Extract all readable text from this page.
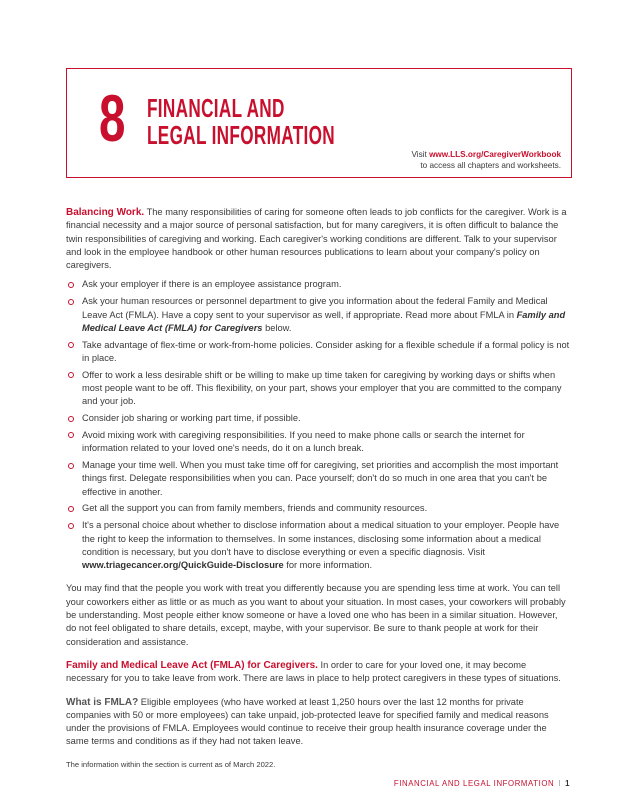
8 FINANCIAL AND
LEGAL INFORMATION
Visit www.LLS.org/CaregiverWorkbook
to access all chapters and worksheets.

Balancing Work. The many responsibilities of caring for someone often leads to job conflicts for the caregiver. Work is a financial necessity and a major source of personal satisfaction, but for many caregivers, it is often difficult to balance the twin responsibilities of caregiving and working. Each caregiver's working conditions are different. Talk to your supervisor and look in the employee handbook or other human resources publications to learn about your company's policy on caregivers.

Ask your employer if there is an employee assistance program.
Ask your human resources or personnel department to give you information about the federal Family and Medical Leave Act (FMLA). Have a copy sent to your supervisor as well, if appropriate. Read more about FMLA in Family and Medical Leave Act (FMLA) for Caregivers below.
Take advantage of flex-time or work-from-home policies. Consider asking for a flexible schedule if a formal policy is not in place.
Offer to work a less desirable shift or be willing to make up time taken for caregiving by working days or shifts when most people want to be off. This flexibility, on your part, shows your employer that you are committed to the company and your job.
Consider job sharing or working part time, if possible.
Avoid mixing work with caregiving responsibilities. If you need to make phone calls or search the internet for information related to your loved one's needs, do it on a lunch break.
Manage your time well. When you must take time off for caregiving, set priorities and accomplish the most important things first. Delegate responsibilities when you can. Pace yourself; don't do so much in one area that you can't be effective in another.
Get all the support you can from family members, friends and community resources.
It's a personal choice about whether to disclose information about a medical situation to your employer. People have the right to keep the information to themselves. In some instances, disclosing some information about a medical condition is necessary, but you don't have to disclose everything or even a specific diagnosis. Visit www.triagecancer.org/QuickGuide-Disclosure for more information.

You may find that the people you work with treat you differently because you are spending less time at work. You can tell your coworkers either as little or as much as you want to about your situation. In most cases, your coworkers will probably be understanding. Most people either know someone or have a loved one who has been in a similar situation. However, do not feel obligated to share details, except, maybe, with your supervisor. Be sure to thank people at work for their consideration and assistance.

Family and Medical Leave Act (FMLA) for Caregivers. In order to care for your loved one, it may become necessary for you to take leave from work. There are laws in place to help protect caregivers in these types of situations.

What is FMLA? Eligible employees (who have worked at least 1,250 hours over the last 12 months for private companies with 50 or more employees) can take unpaid, job-protected leave for specified family and medical reasons under the provisions of FMLA. Employees would continue to receive their group health insurance coverage under the same terms and conditions as if they had not taken leave.

The information within the section is current as of March 2022.

FINANCIAL AND LEGAL INFORMATION I 1
